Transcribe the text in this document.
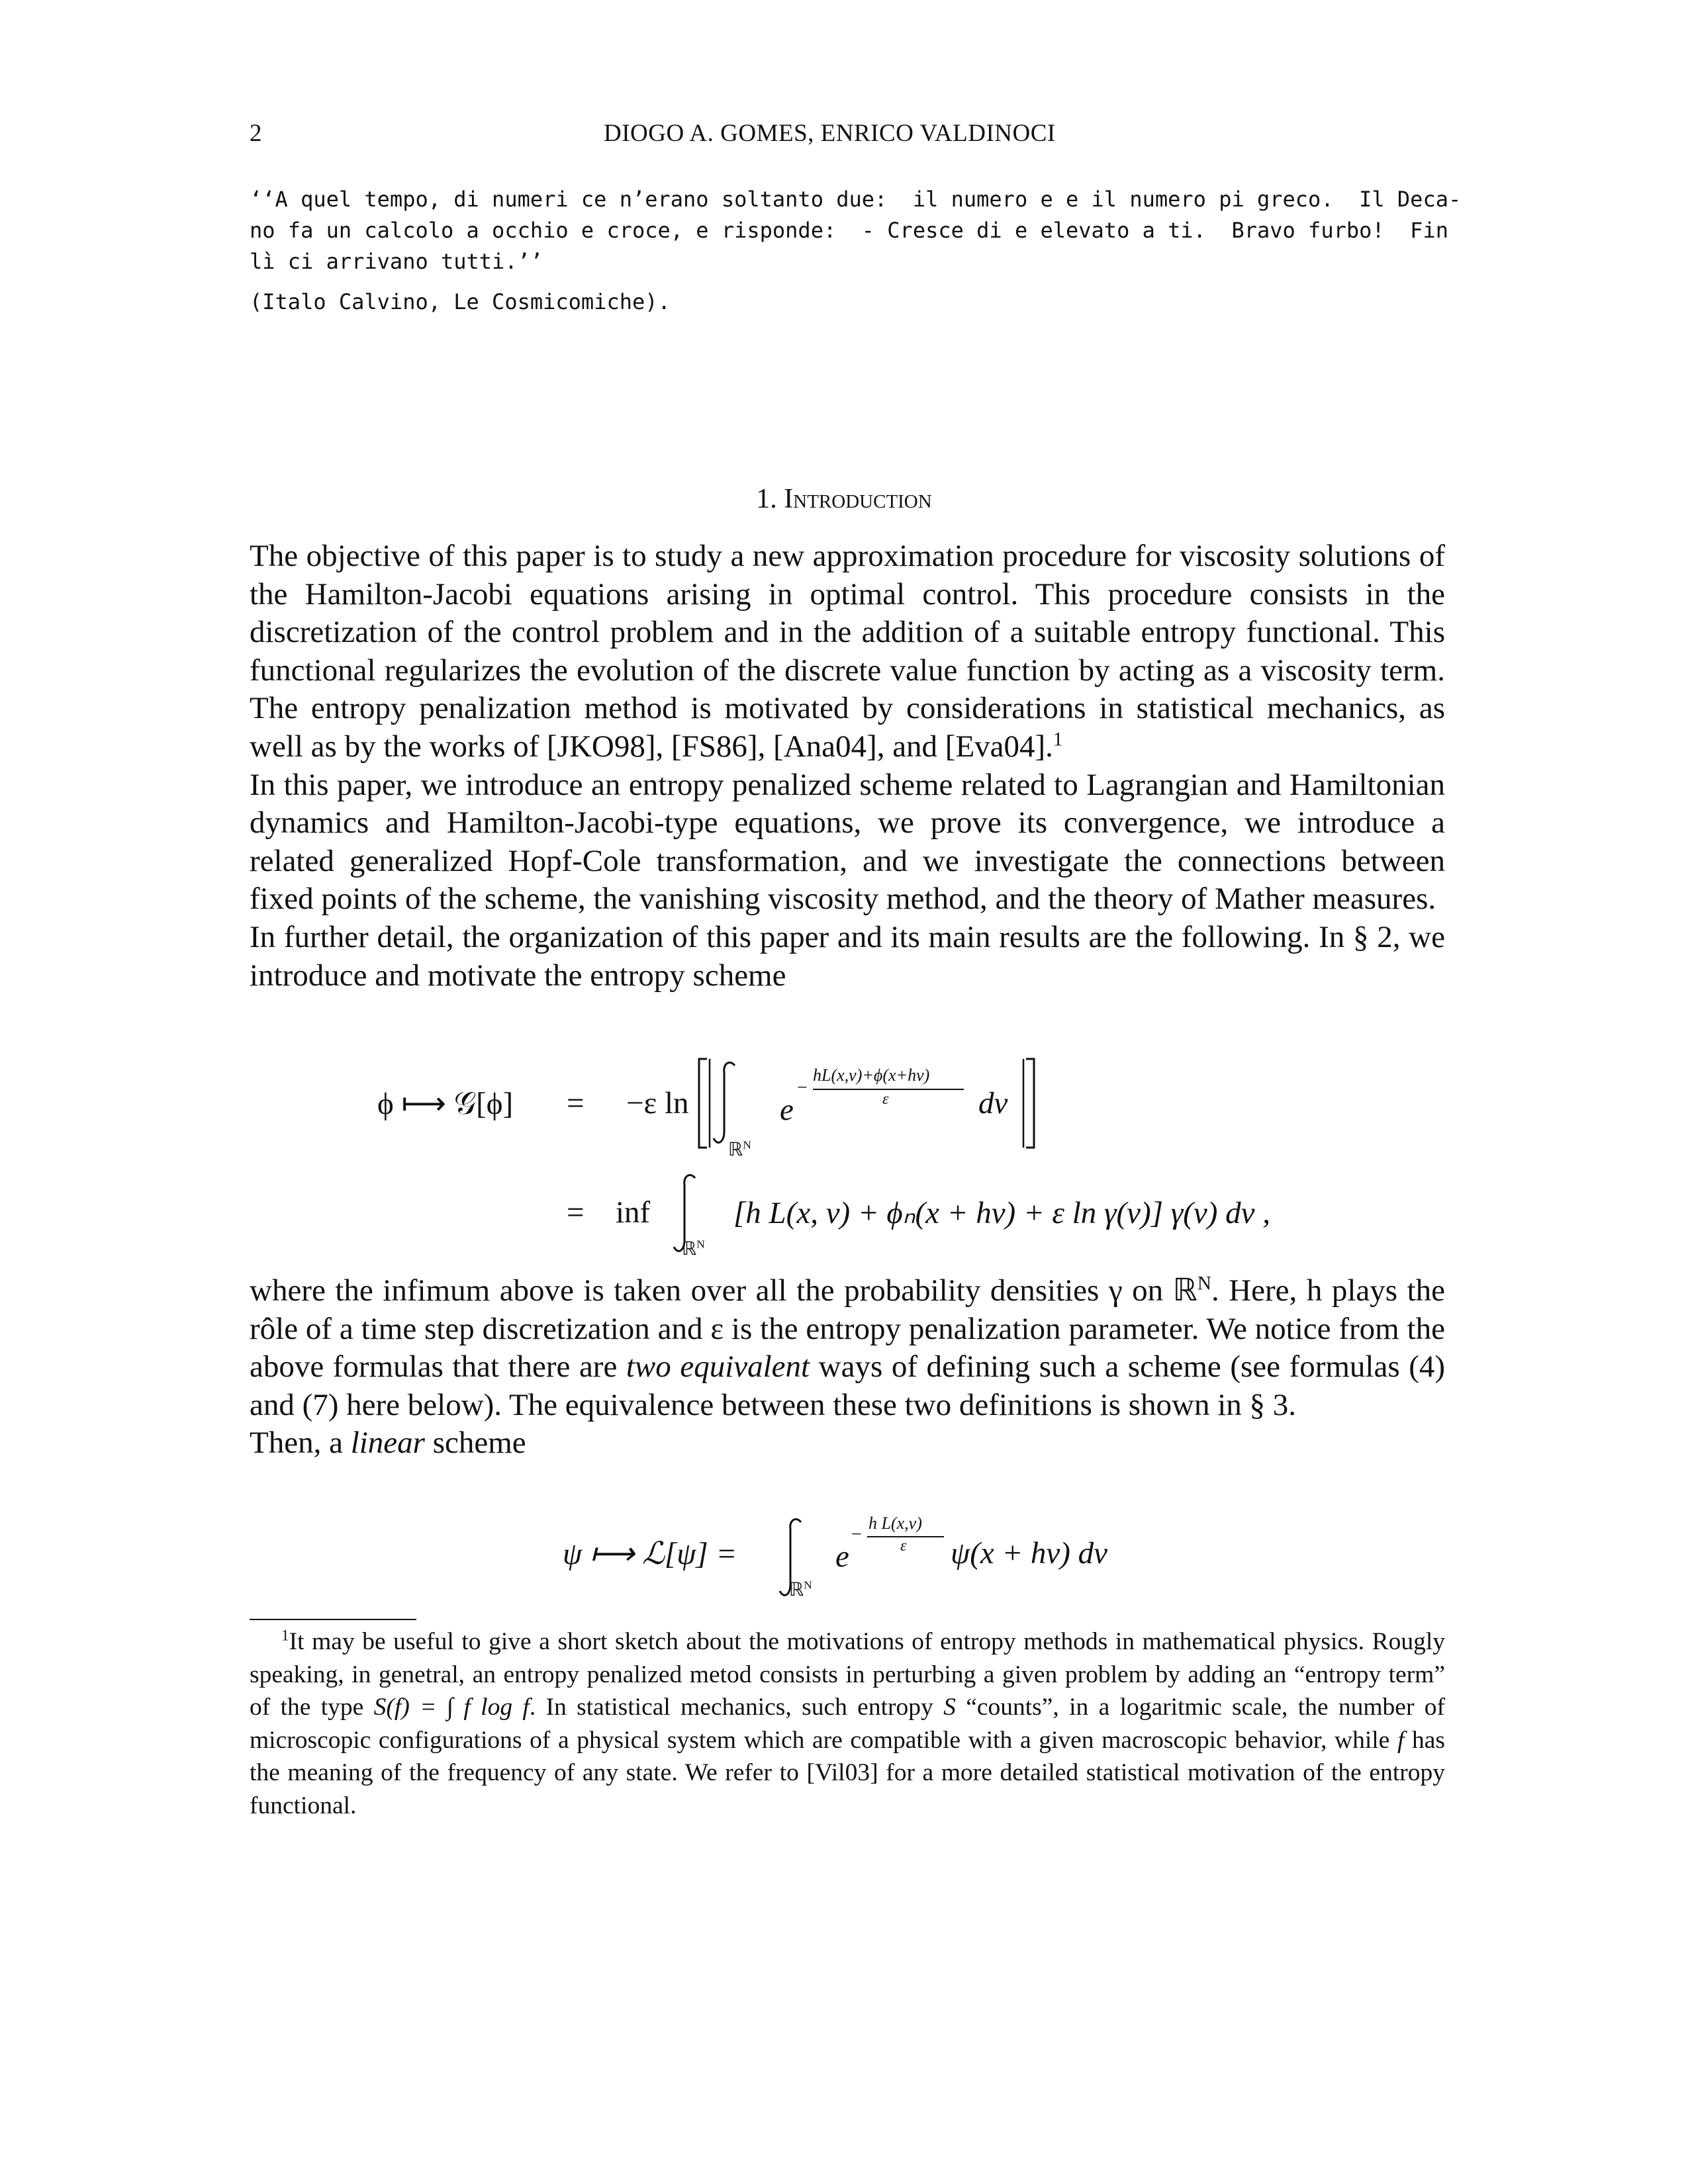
2	DIOGO A. GOMES, ENRICO VALDINOCI
‘‘A quel tempo, di numeri ce n’erano soltanto due:  il numero e e il numero pi greco.  Il Deca-
no fa un calcolo a occhio e croce, e risponde:  - Cresce di e elevato a ti.  Bravo furbo!  Fin
lì ci arrivano tutti.’’
(Italo Calvino, Le Cosmicomiche).
1. Introduction

The objective of this paper is to study a new approximation procedure for viscosity solutions of the Hamilton-Jacobi equations arising in optimal control. This procedure consists in the discretization of the control problem and in the addition of a suitable entropy functional. This functional regularizes the evolution of the discrete value function by acting as a viscosity term. The entropy penalization method is motivated by considerations in statistical mechanics, as well as by the works of [JKO98], [FS86], [Ana04], and [Eva04].$^1$

In this paper, we introduce an entropy penalized scheme related to Lagrangian and Hamiltonian dynamics and Hamilton-Jacobi-type equations, we prove its convergence, we introduce a related generalized Hopf-Cole transformation, and we investigate the connections between fixed points of the scheme, the vanishing viscosity method, and the theory of Mather measures.

In further detail, the organization of this paper and its main results are the following. In § 2, we introduce and motivate the entropy scheme

ϕ ⟼ 𝒢[ϕ] = −ε ln
ℝ$^N$
e
−
hL(x,v)+ϕ(x+hv)
ε	dv
= inf
ℝ$^N$
[h L(x, v) + ϕₙ(x + hv) + ε ln γ(v)] γ(v) dv ,

where the infimum above is taken over all the probability densities γ on ℝ$^N$. Here, h plays the rôle of a time step discretization and ε is the entropy penalization parameter. We notice from the above formulas that there are two equivalent ways of defining such a scheme (see formulas (4) and (7) here below). The equivalence between these two definitions is shown in § 3.

Then, a linear scheme

ψ ⟼ ℒ[ψ] =
ℝ$^N$
e
−
h L(x,v)
ε ψ(x + hv) dv
$^1$It may be useful to give a short sketch about the motivations of entropy methods in mathematical physics. Rougly speaking, in genetral, an entropy penalized metod consists in perturbing a given problem by adding an “entropy term” of the type S(f) = ∫ f log f. In statistical mechanics, such entropy S “counts”, in a logaritmic scale, the number of microscopic configurations of a physical system which are compatible with a given macroscopic behavior, while f has the meaning of the frequency of any state. We refer to [Vil03] for a more detailed statistical motivation of the entropy functional.
